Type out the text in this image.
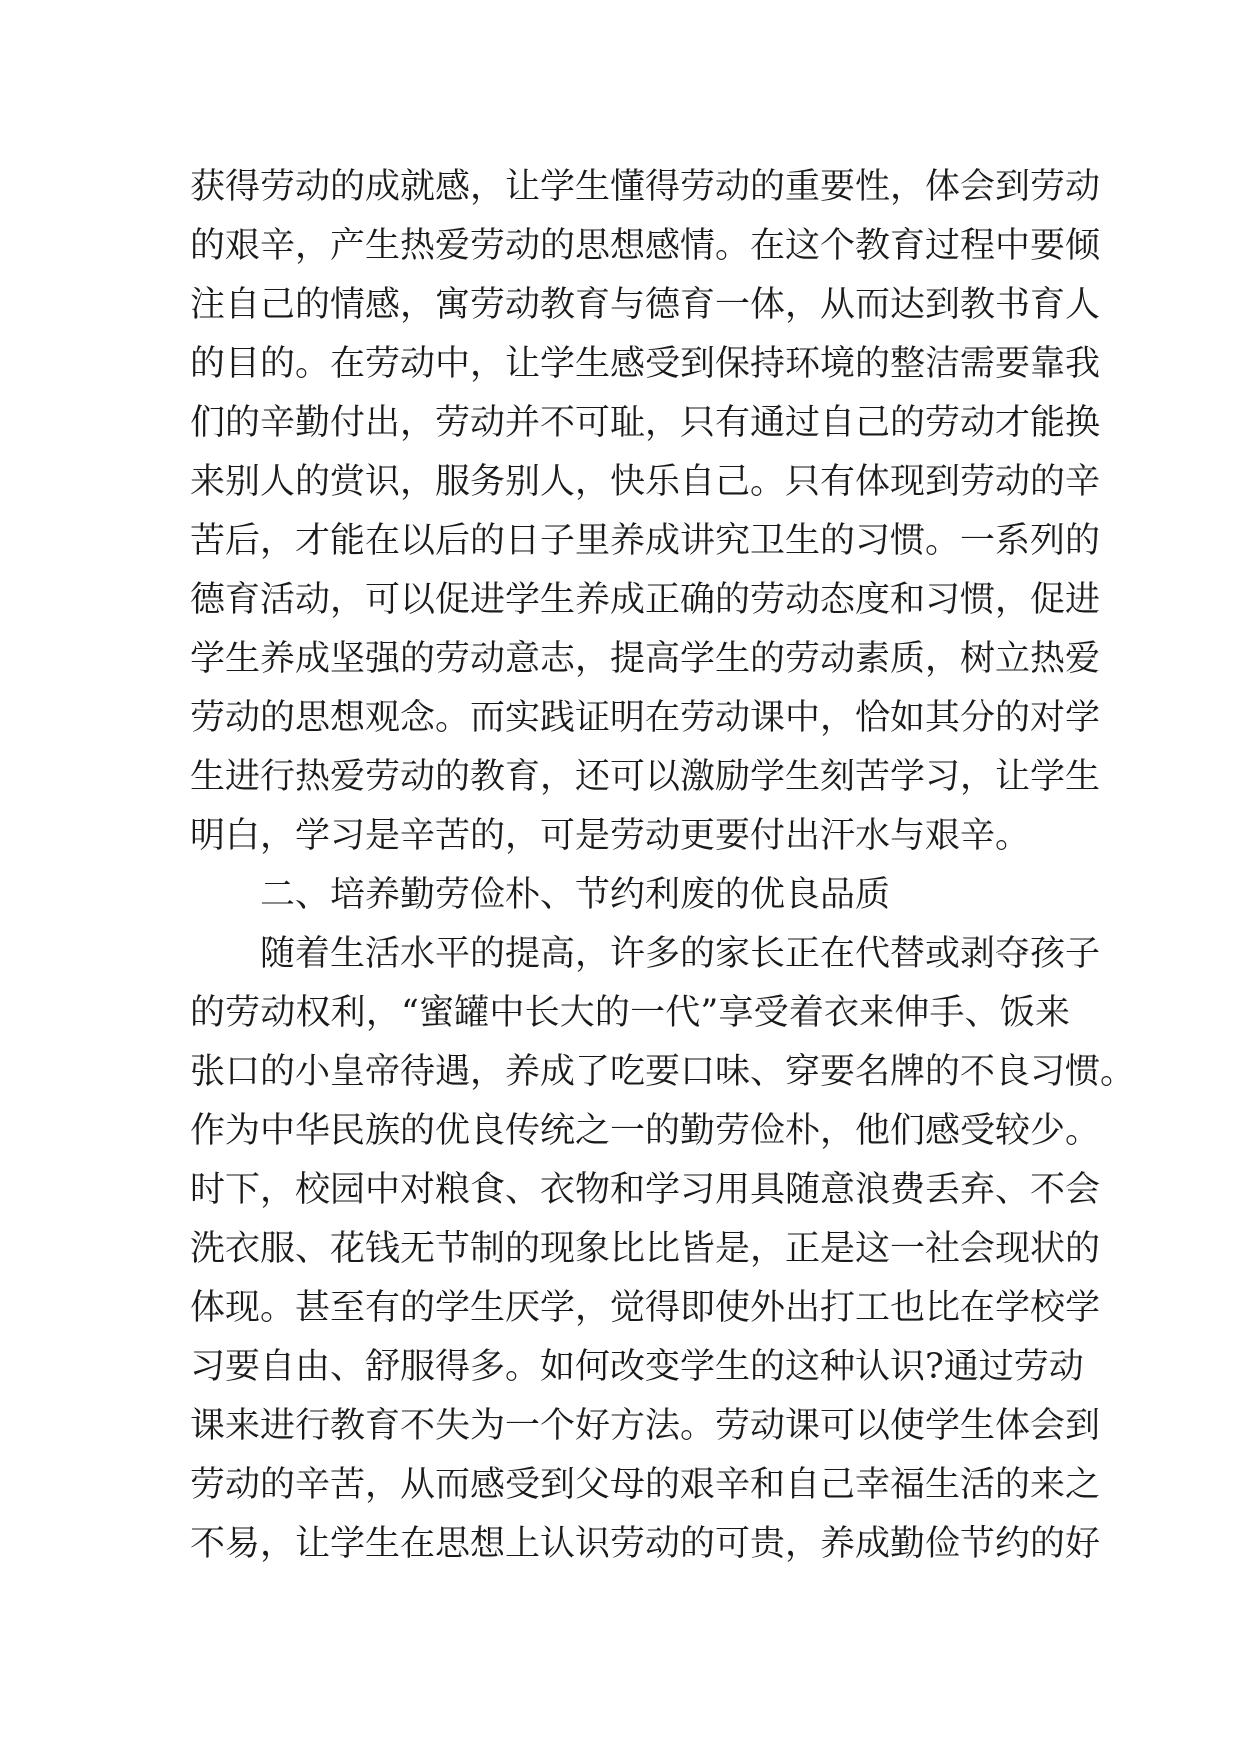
获得劳动的成就感，让学生懂得劳动的重要性，体会到劳动
的艰辛，产生热爱劳动的思想感情。在这个教育过程中要倾
注自己的情感，寓劳动教育与德育一体，从而达到教书育人
的目的。在劳动中，让学生感受到保持环境的整洁需要靠我
们的辛勤付出，劳动并不可耻，只有通过自己的劳动才能换
来别人的赏识，服务别人，快乐自己。只有体现到劳动的辛
苦后，才能在以后的日子里养成讲究卫生的习惯。一系列的
德育活动，可以促进学生养成正确的劳动态度和习惯，促进
学生养成坚强的劳动意志，提高学生的劳动素质，树立热爱
劳动的思想观念。而实践证明在劳动课中，恰如其分的对学
生进行热爱劳动的教育，还可以激励学生刻苦学习，让学生
明白，学习是辛苦的，可是劳动更要付出汗水与艰辛。
二、培养勤劳俭朴、节约利废的优良品质
随着生活水平的提高，许多的家长正在代替或剥夺孩子
的劳动权利，“蜜罐中长大的一代”享受着衣来伸手、饭来
张口的小皇帝待遇，养成了吃要口味、穿要名牌的不良习惯。
作为中华民族的优良传统之一的勤劳俭朴，他们感受较少。
时下，校园中对粮食、衣物和学习用具随意浪费丢弃、不会
洗衣服、花钱无节制的现象比比皆是，正是这一社会现状的
体现。甚至有的学生厌学，觉得即使外出打工也比在学校学
习要自由、舒服得多。如何改变学生的这种认识?通过劳动
课来进行教育不失为一个好方法。劳动课可以使学生体会到
劳动的辛苦，从而感受到父母的艰辛和自己幸福生活的来之
不易，让学生在思想上认识劳动的可贵，养成勤俭节约的好
